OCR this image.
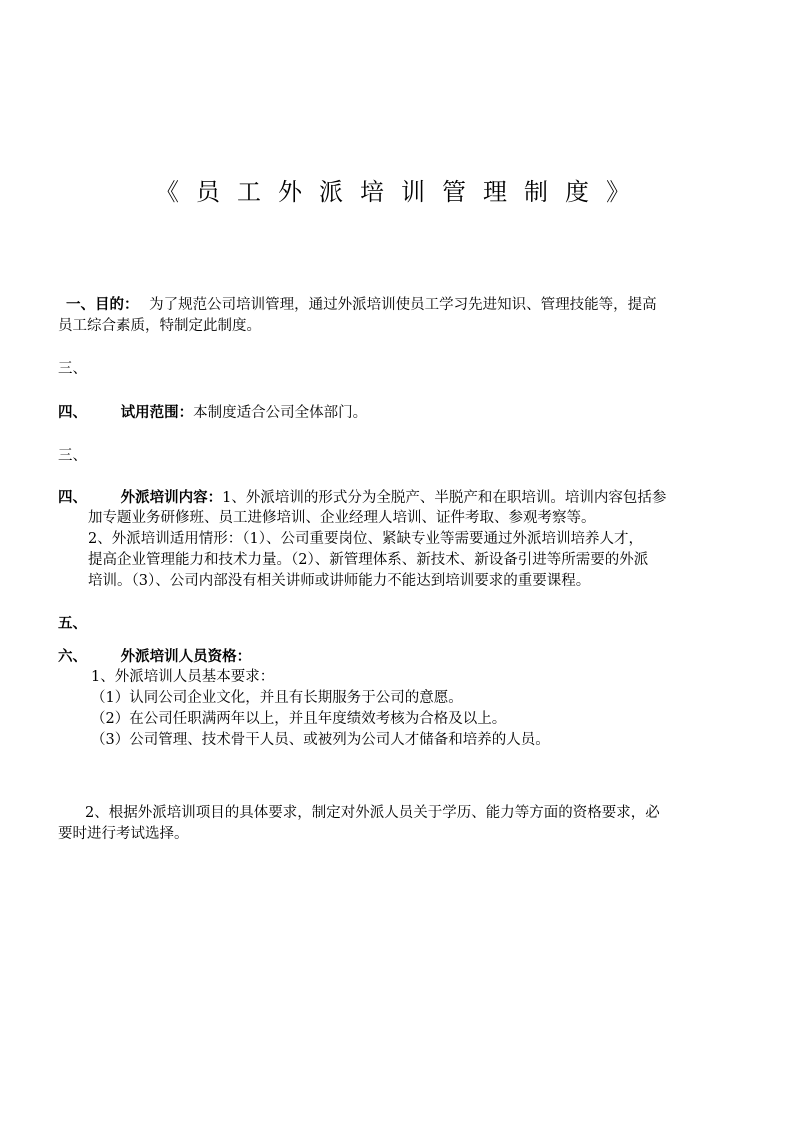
《员工外派培训管理制度》
一、目的： 为了规范公司培训管理，通过外派培训使员工学习先进知识、管理技能等，提高
员工综合素质，特制定此制度。
三、
四、 试用范围：本制度适合公司全体部门。
三、
四、 外派培训内容：1、外派培训的形式分为全脱产、半脱产和在职培训。培训内容包括参
加专题业务研修班、员工进修培训、企业经理人培训、证件考取、参观考察等。
2、外派培训适用情形：（1）、公司重要岗位、紧缺专业等需要通过外派培训培养人才，
提高企业管理能力和技术力量。（2）、新管理体系、新技术、新设备引进等所需要的外派
培训。（3）、公司内部没有相关讲师或讲师能力不能达到培训要求的重要课程。
五、
六、 外派培训人员资格：
1、外派培训人员基本要求：
（1）认同公司企业文化，并且有长期服务于公司的意愿。
（2）在公司任职满两年以上，并且年度绩效考核为合格及以上。
（3）公司管理、技术骨干人员、或被列为公司人才储备和培养的人员。
2、根据外派培训项目的具体要求，制定对外派人员关于学历、能力等方面的资格要求，必
要时进行考试选择。
